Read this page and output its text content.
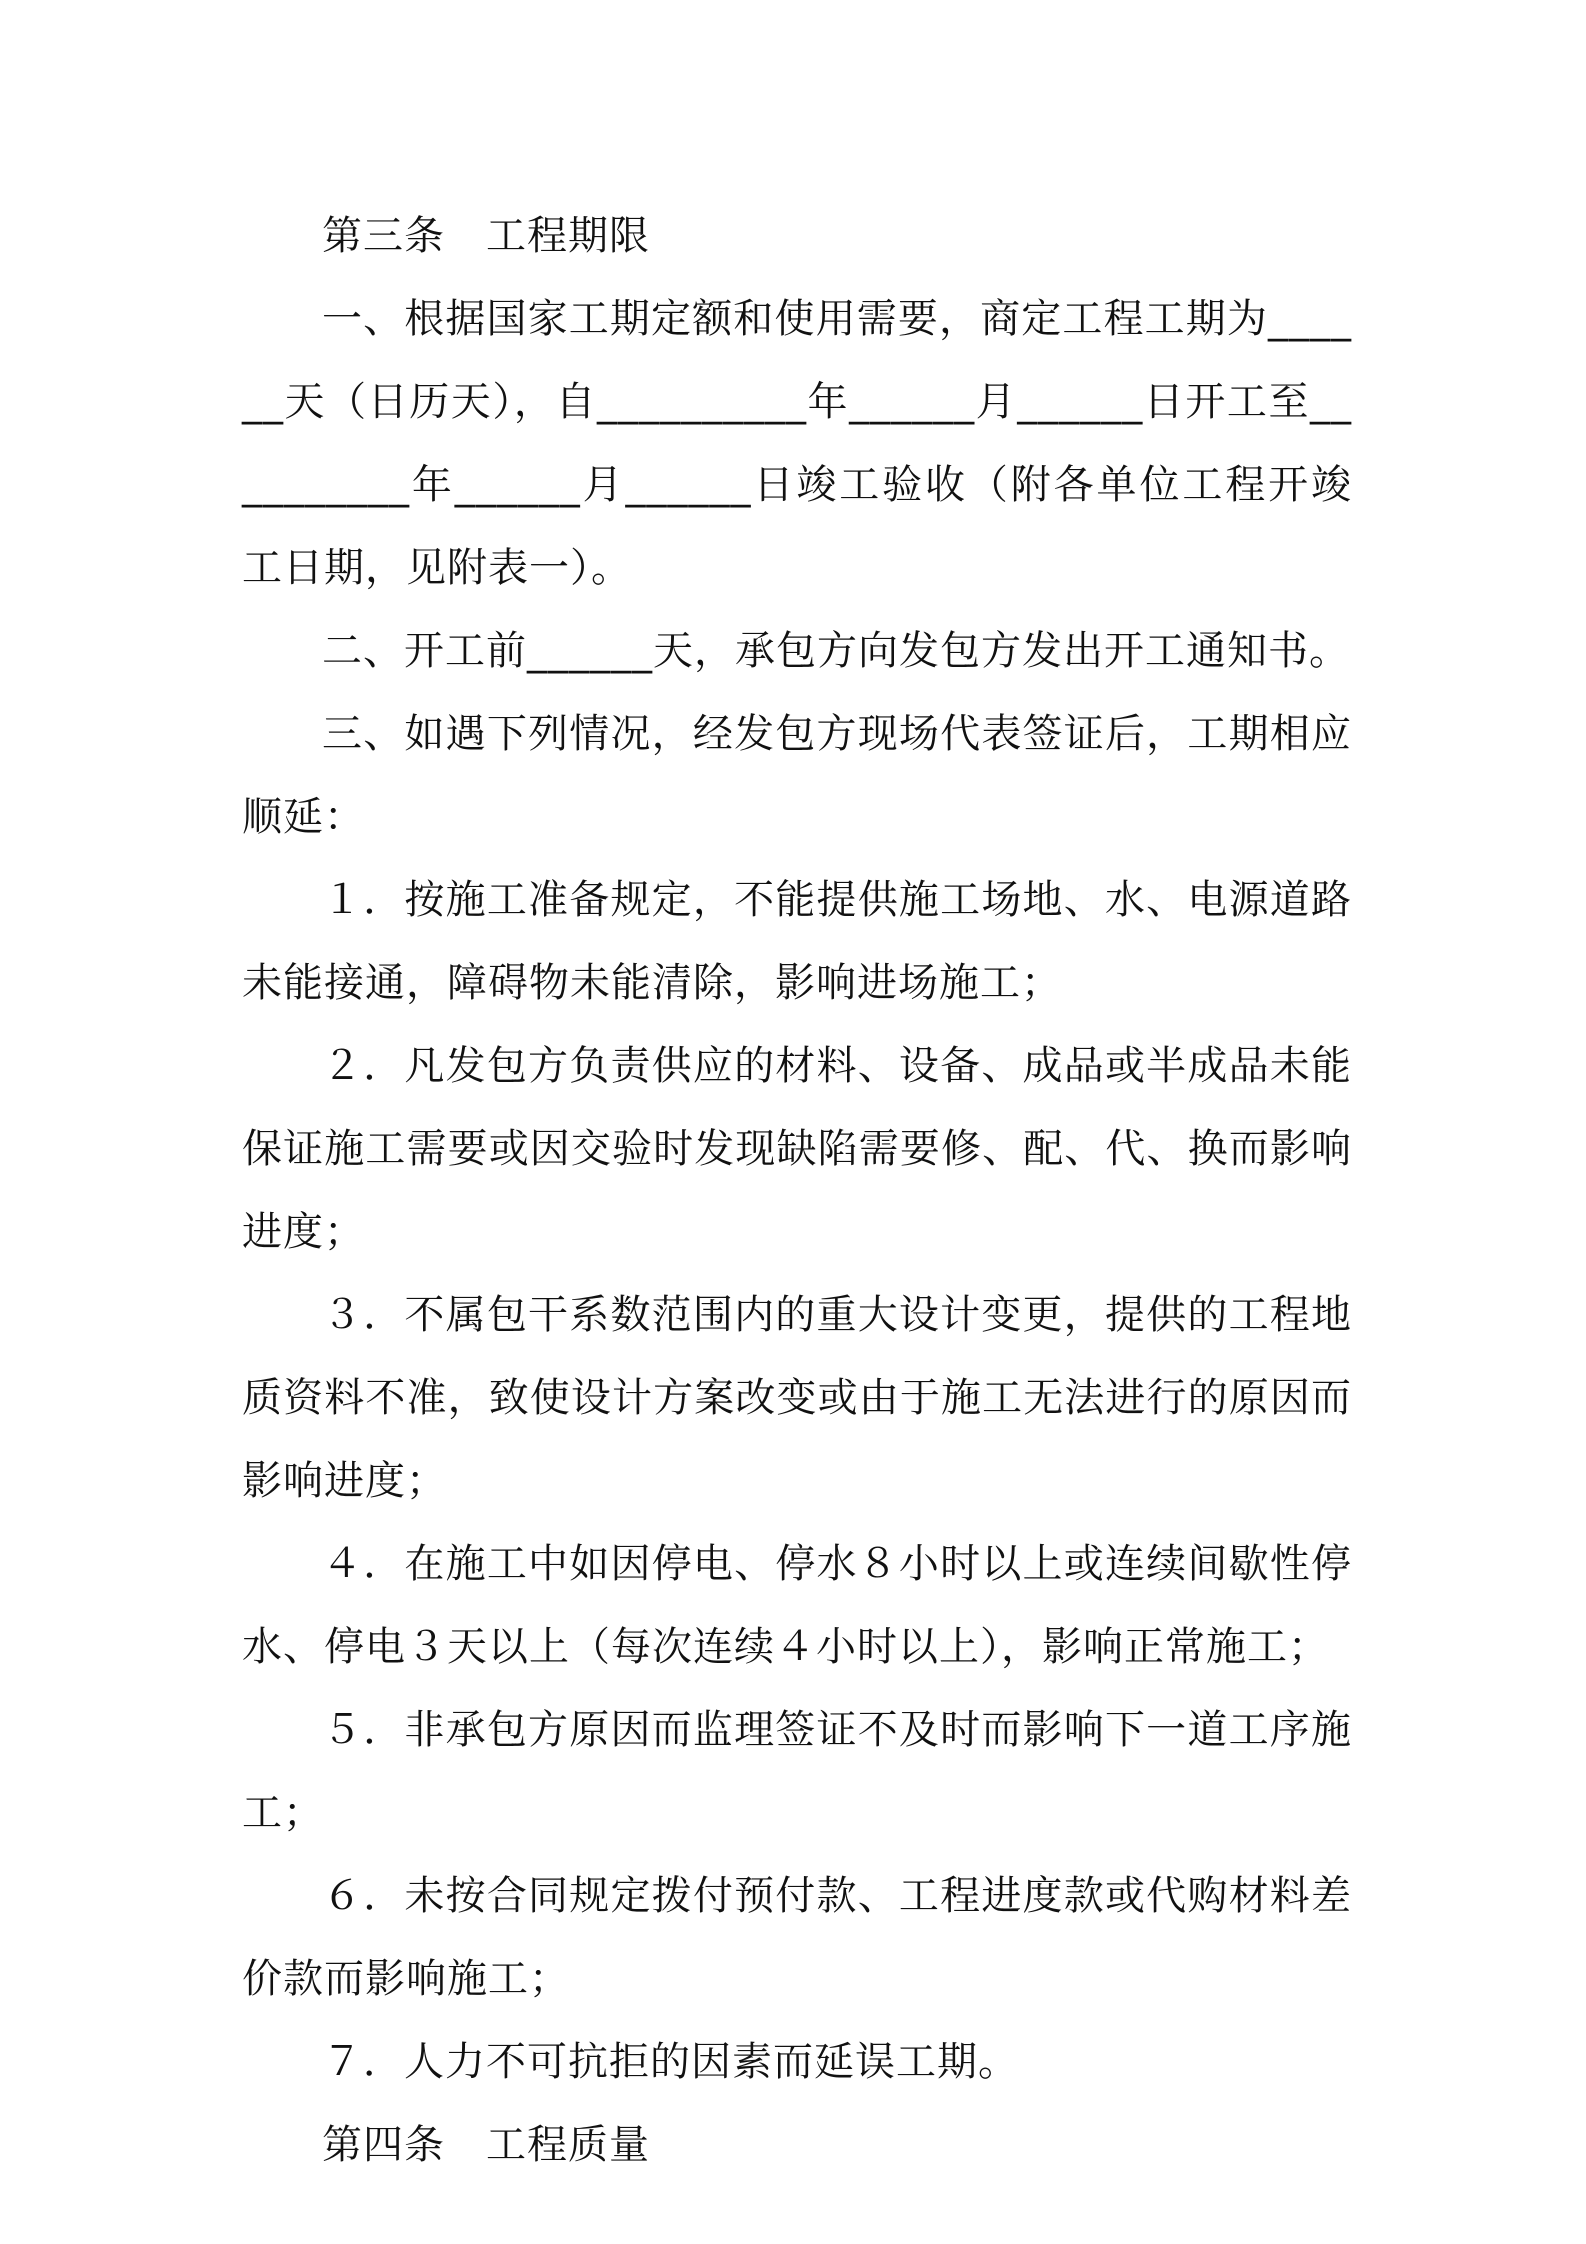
第三条　工程期限

一、根据国家工期定额和使用需要，商定工程工期为______天（日历天），自__________年______月______日开工至__________年______月______日竣工验收（附各单位工程开竣工日期，见附表一）。

二、开工前______天，承包方向发包方发出开工通知书。

三、如遇下列情况，经发包方现场代表签证后，工期相应顺延：

１．按施工准备规定，不能提供施工场地、水、电源道路未能接通，障碍物未能清除，影响进场施工；

２．凡发包方负责供应的材料、设备、成品或半成品未能保证施工需要或因交验时发现缺陷需要修、配、代、换而影响进度；

３．不属包干系数范围内的重大设计变更，提供的工程地质资料不准，致使设计方案改变或由于施工无法进行的原因而影响进度；

４．在施工中如因停电、停水８小时以上或连续间歇性停水、停电３天以上（每次连续４小时以上），影响正常施工；

５．非承包方原因而监理签证不及时而影响下一道工序施工；

６．未按合同规定拨付预付款、工程进度款或代购材料差价款而影响施工；

７．人力不可抗拒的因素而延误工期。

第四条　工程质量
